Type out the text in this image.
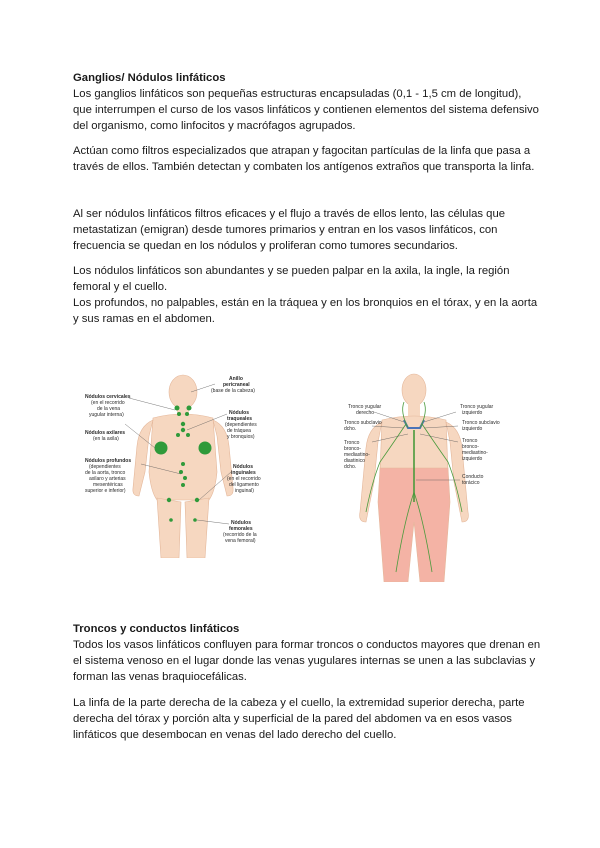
Ganglios/ Nódulos linfáticos

Los ganglios linfáticos son pequeñas estructuras encapsuladas (0,1 - 1,5 cm de longitud), que interrumpen el curso de los vasos linfáticos y contienen elementos del sistema defensivo del organismo, como linfocitos y macrófagos agrupados.

Actúan como filtros especializados que atrapan y fagocitan partículas de la linfa que pasa a través de ellos. También detectan y combaten los antígenos extraños que transporta la linfa.

Al ser nódulos linfáticos filtros eficaces y el flujo a través de ellos lento, las células que metastatizan (emigran) desde tumores primarios y entran en los vasos linfáticos, con frecuencia se quedan en los nódulos y proliferan como tumores secundarios.

Los nódulos linfáticos son abundantes y se pueden palpar en la axila, la ingle, la región femoral y el cuello.

Los profundos, no palpables, están en la tráquea y en los bronquios en el tórax, y en la aorta y sus ramas en el abdomen.

Nódulos cervicales (en el recorrido de la vena yugular interna)
Nódulos axilares (en la axila)
Nódulos profundos (dependientes de la aorta, tronco axilaro y arterias mesentéricas superior e inferior)
Anillo pericraneal (base de la cabeza)
Nódulos traqueales (dependientes de tráquea y bronquios)
Nódulos inguinales (en el recorrido del ligamento inguinal)
Nódulos femorales (recorrido de la vena femoral)
Tronco yugular derecho
Tronco subclavio dcho.
Tronco bronco- mediastino- diastinico dcho.
Tronco yugular izquierdo
Tronco subclavio izquierdo
Tronco bronco- mediastino- izquierdo
Conducto torácico

Troncos y conductos linfáticos

Todos los vasos linfáticos confluyen para formar troncos o conductos mayores que drenan en el sistema venoso en el lugar donde las venas yugulares internas se unen a las subclavias y forman las venas braquiocefálicas.

La linfa de la parte derecha de la cabeza y el cuello, la extremidad superior derecha, parte derecha del tórax y porción alta y superficial de la pared del abdomen va en esos vasos linfáticos que desembocan en venas del lado derecho del cuello.
